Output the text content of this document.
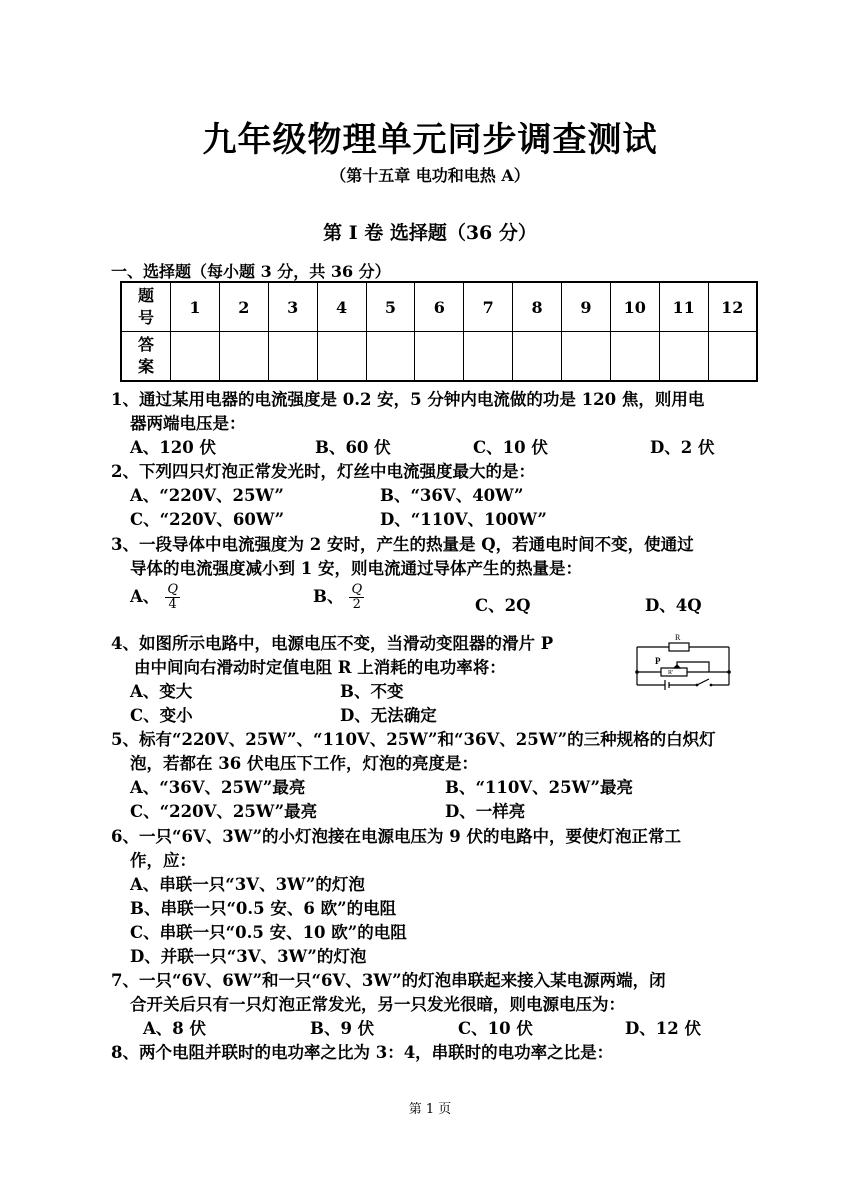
九年级物理单元同步调查测试
（第十五章 电功和电热 A）
第 I 卷 选择题（36 分）
一、选择题（每小题 3 分，共 36 分）
题号	1	2	3	4	5	6	7	8	9	10	11	12
答案												
1、通过某用电器的电流强度是 0.2 安，5 分钟内电流做的功是 120 焦，则用电
器两端电压是：
A、120 伏	B、60 伏	C、10 伏	D、2 伏
2、下列四只灯泡正常发光时，灯丝中电流强度最大的是：
A、“220V、25W”	B、“36V、40W”
C、“220V、60W”	D、“110V、100W”
3、一段导体中电流强度为 2 安时，产生的热量是 Q，若通电时间不变，使通过
导体的电流强度减小到 1 安，则电流通过导体产生的热量是：
A、 $\frac{Q}{4}$	B、 $\frac{Q}{2}$	C、2Q	D、4Q
4、如图所示电路中，电源电压不变，当滑动变阻器的滑片 P
由中间向右滑动时定值电阻 R 上消耗的电功率将：
A、变大	B、不变
C、变小	D、无法确定
R
P
R'
5、标有“220V、25W”、“110V、25W”和“36V、25W”的三种规格的白炽灯
泡，若都在 36 伏电压下工作，灯泡的亮度是：
A、“36V、25W”最亮	B、“110V、25W”最亮
C、“220V、25W”最亮	D、一样亮
6、一只“6V、3W”的小灯泡接在电源电压为 9 伏的电路中，要使灯泡正常工
作，应：
A、串联一只“3V、3W”的灯泡
B、串联一只“0.5 安、6 欧”的电阻
C、串联一只“0.5 安、10 欧”的电阻
D、并联一只“3V、3W”的灯泡
7、一只“6V、6W”和一只“6V、3W”的灯泡串联起来接入某电源两端，闭
合开关后只有一只灯泡正常发光，另一只发光很暗，则电源电压为：
A、8 伏	B、9 伏	C、10 伏	D、12 伏
8、两个电阻并联时的电功率之比为 3：4，串联时的电功率之比是：
第 1 页
